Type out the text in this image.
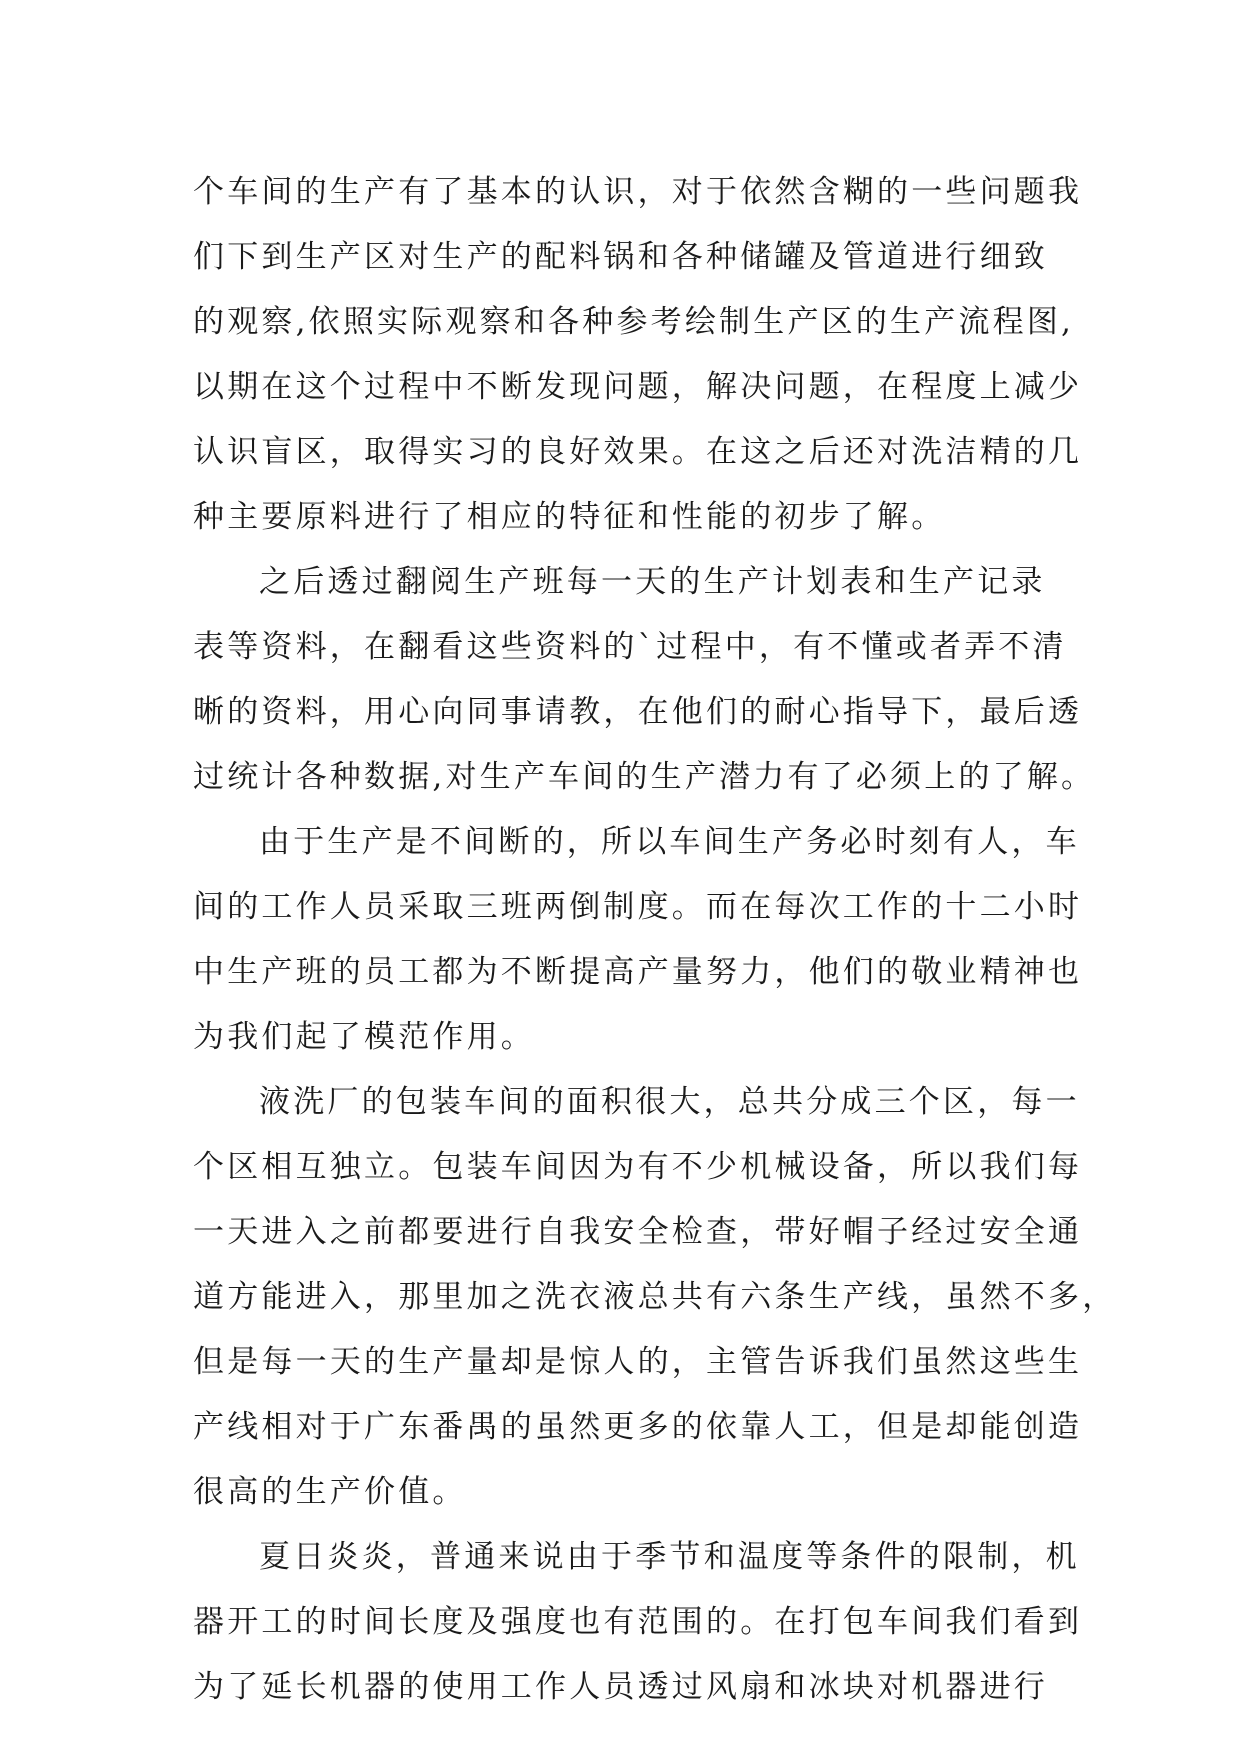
个车间的生产有了基本的认识，对于依然含糊的一些问题我

们下到生产区对生产的配料锅和各种储罐及管道进行细致

的观察,依照实际观察和各种参考绘制生产区的生产流程图,

以期在这个过程中不断发现问题，解决问题，在程度上减少

认识盲区，取得实习的良好效果。在这之后还对洗洁精的几

种主要原料进行了相应的特征和性能的初步了解。

之后透过翻阅生产班每一天的生产计划表和生产记录

表等资料，在翻看这些资料的`过程中，有不懂或者弄不清

晰的资料，用心向同事请教，在他们的耐心指导下，最后透

过统计各种数据,对生产车间的生产潜力有了必须上的了解。

由于生产是不间断的，所以车间生产务必时刻有人，车

间的工作人员采取三班两倒制度。而在每次工作的十二小时

中生产班的员工都为不断提高产量努力，他们的敬业精神也

为我们起了模范作用。

液洗厂的包装车间的面积很大，总共分成三个区，每一

个区相互独立。包装车间因为有不少机械设备，所以我们每

一天进入之前都要进行自我安全检查，带好帽子经过安全通

道方能进入，那里加之洗衣液总共有六条生产线，虽然不多，

但是每一天的生产量却是惊人的，主管告诉我们虽然这些生

产线相对于广东番禺的虽然更多的依靠人工，但是却能创造

很高的生产价值。

夏日炎炎，普通来说由于季节和温度等条件的限制，机

器开工的时间长度及强度也有范围的。在打包车间我们看到

为了延长机器的使用工作人员透过风扇和冰块对机器进行
